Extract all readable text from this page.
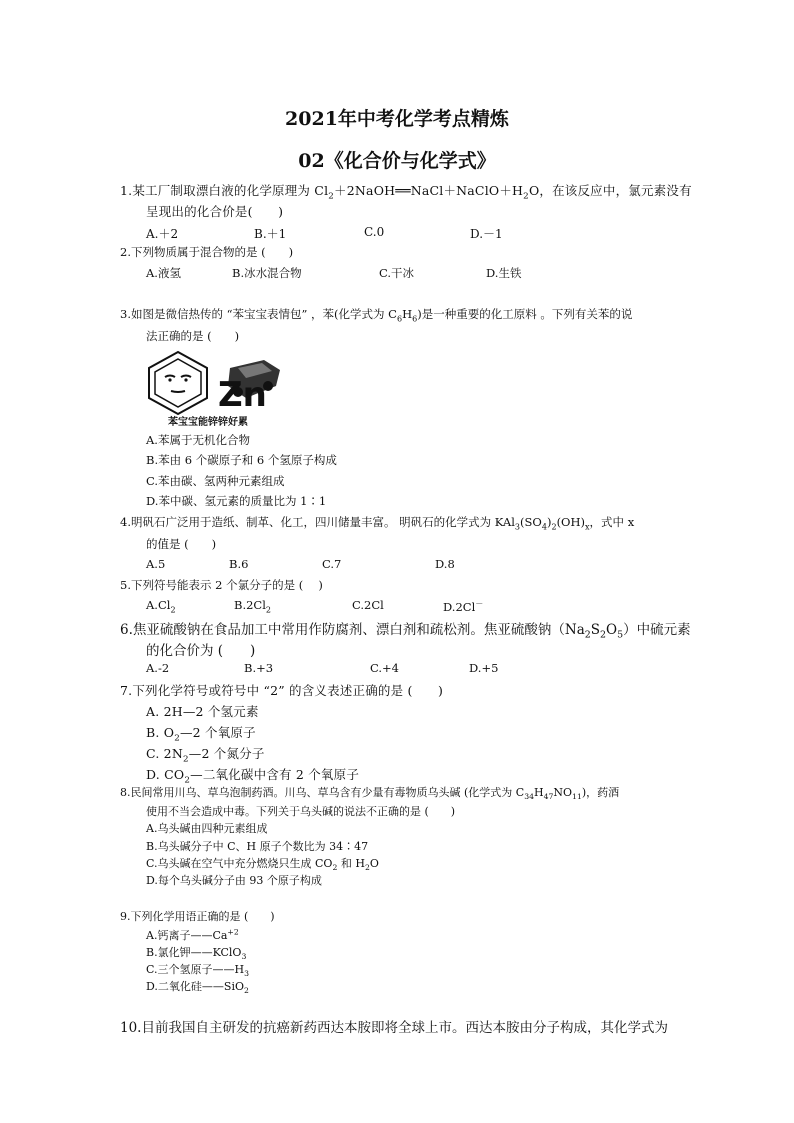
2021年中考化学考点精炼
02《化合价与化学式》
1.某工厂制取漂白液的化学原理为 $Cl_2+2NaOH══NaCl+NaClO+H_2O$，在该反应中，氯元素没有
呈现出的化合价是(　　)
A.＋2	B.＋1	C.0	D.－1
2.下列物质属于混合物的是 (　　)
A.液氢	B.冰水混合物	C.干冰	D.生铁
3.如图是微信热传的 “苯宝宝表情包” ，苯(化学式为 $C_6H_6$)是一种重要的化工原料 。下列有关苯的说
法正确的是 (　　)
Zn
苯宝宝能锌锌好累
A.苯属于无机化合物
B.苯由 6 个碳原子和 6 个氢原子构成
C.苯由碳、氢两种元素组成
D.苯中碳、氢元素的质量比为 1∶1
4.明矾石广泛用于造纸、制革、化工，四川储量丰富。 明矾石的化学式为 $KAl_3(SO_4)_2(OH)_x$，式中 x
的值是 (　　)
A.5	B.6	C.7	D.8
5.下列符号能表示 2 个氯分子的是 (　 )
$A.Cl_2$	$B.2Cl_2$	C.2Cl	D.2Cl－
6.焦亚硫酸钠在食品加工中常用作防腐剂、漂白剂和疏松剂。焦亚硫酸钠$(Na_2S_2O_5)$中硫元素
的化合价为 (　　)
A.-2	B.+3	C.+4	D.+5
7.下列化学符号或符号中 “2” 的含义表述正确的是 (　　)
A. 2H—2 个氢元素
B. $O_2—2$ 个氧原子
C. $2N_2—2$ 个氮分子
D. $CO_2—$二氧化碳中含有 2 个氧原子
8.民间常用川乌、草乌泡制药酒。川乌、草乌含有少量有毒物质乌头碱 (化学式为 $C_{34}H_{47}NO_{11}$)，药酒
使用不当会造成中毒。下列关于乌头碱的说法不正确的是 (　　)
A.乌头碱由四种元素组成
B.乌头碱分子中 C、H 原子个数比为 34∶47
C.乌头碱在空气中充分燃烧只生成 $CO_2$ 和 $H_2O$
D.每个乌头碱分子由 93 个原子构成
9.下列化学用语正确的是 (　　)
A.钙离子$——Ca^{+2}$
B.氯化钾——KClO$_3$
C.三个氢原子$——H_3$
D.二氧化硅——SiO$_2$
10.目前我国自主研发的抗癌新药西达本胺即将全球上市。西达本胺由分子构成，其化学式为
